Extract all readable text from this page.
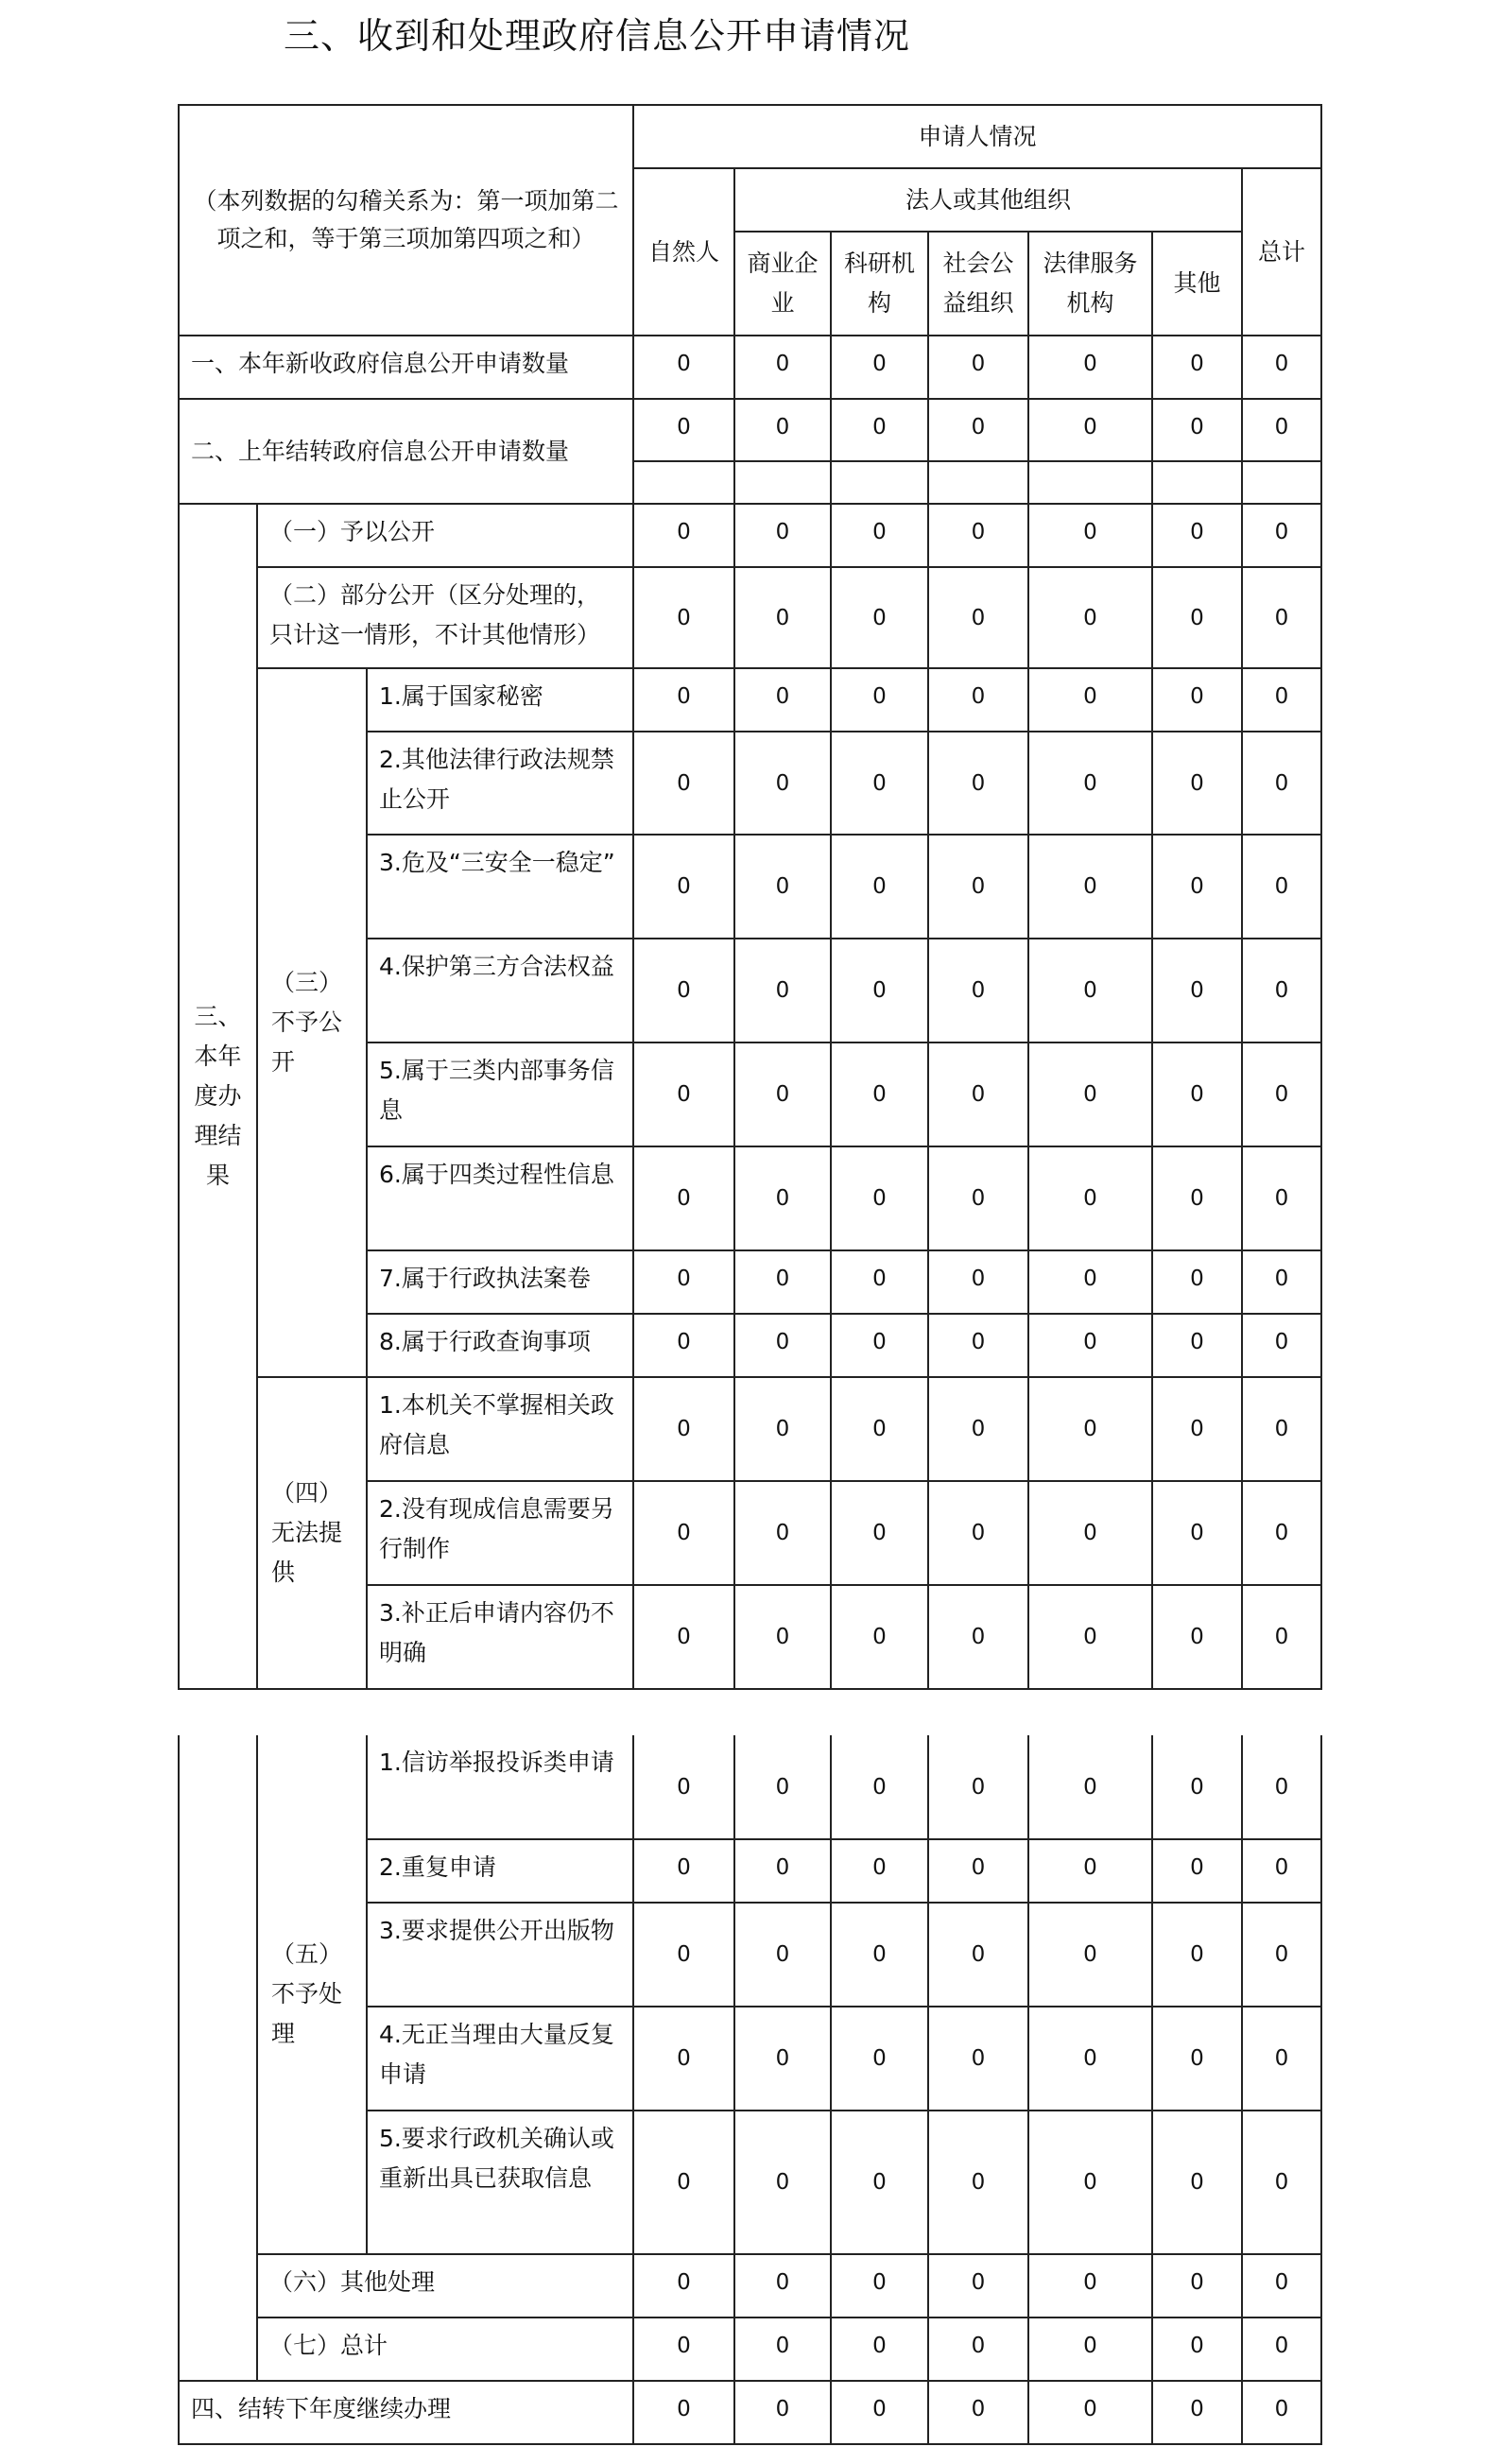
三、收到和处理政府信息公开申请情况
（本列数据的勾稽关系为：第一项加第二项之和，等于第三项加第四项之和）			申请人情况						
			自然人	法人或其他组织					总计
				商业企业	科研机构	社会公益组织	法律服务机构	其他	
一、本年新收政府信息公开申请数量			0	0	0	0	0	0	0
二、上年结转政府信息公开申请数量			0	0	0	0	0	0	0

三、本年度办理结果	（一）予以公开		0	0	0	0	0	0	0
	（二）部分公开（区分处理的，只计这一情形，不计其他情形）		0	0	0	0	0	0	0
	（三）不予公开	1.属于国家秘密	0	0	0	0	0	0	0
		2.其他法律行政法规禁止公开	0	0	0	0	0	0	0
		3.危及“三安全一稳定”	0	0	0	0	0	0	0
		4.保护第三方合法权益	0	0	0	0	0	0	0
		5.属于三类内部事务信息	0	0	0	0	0	0	0
		6.属于四类过程性信息	0	0	0	0	0	0	0
		7.属于行政执法案卷	0	0	0	0	0	0	0
		8.属于行政查询事项	0	0	0	0	0	0	0
	（四）无法提供	1.本机关不掌握相关政府信息	0	0	0	0	0	0	0
		2.没有现成信息需要另行制作	0	0	0	0	0	0	0
		3.补正后申请内容仍不明确	0	0	0	0	0	0	0
	（五）不予处理	1.信访举报投诉类申请	0	0	0	0	0	0	0
		2.重复申请	0	0	0	0	0	0	0
		3.要求提供公开出版物	0	0	0	0	0	0	0
		4.无正当理由大量反复申请	0	0	0	0	0	0	0
		5.要求行政机关确认或重新出具已获取信息	0	0	0	0	0	0	0
	（六）其他处理		0	0	0	0	0	0	0
	（七）总计		0	0	0	0	0	0	0
四、结转下年度继续办理			0	0	0	0	0	0	0
